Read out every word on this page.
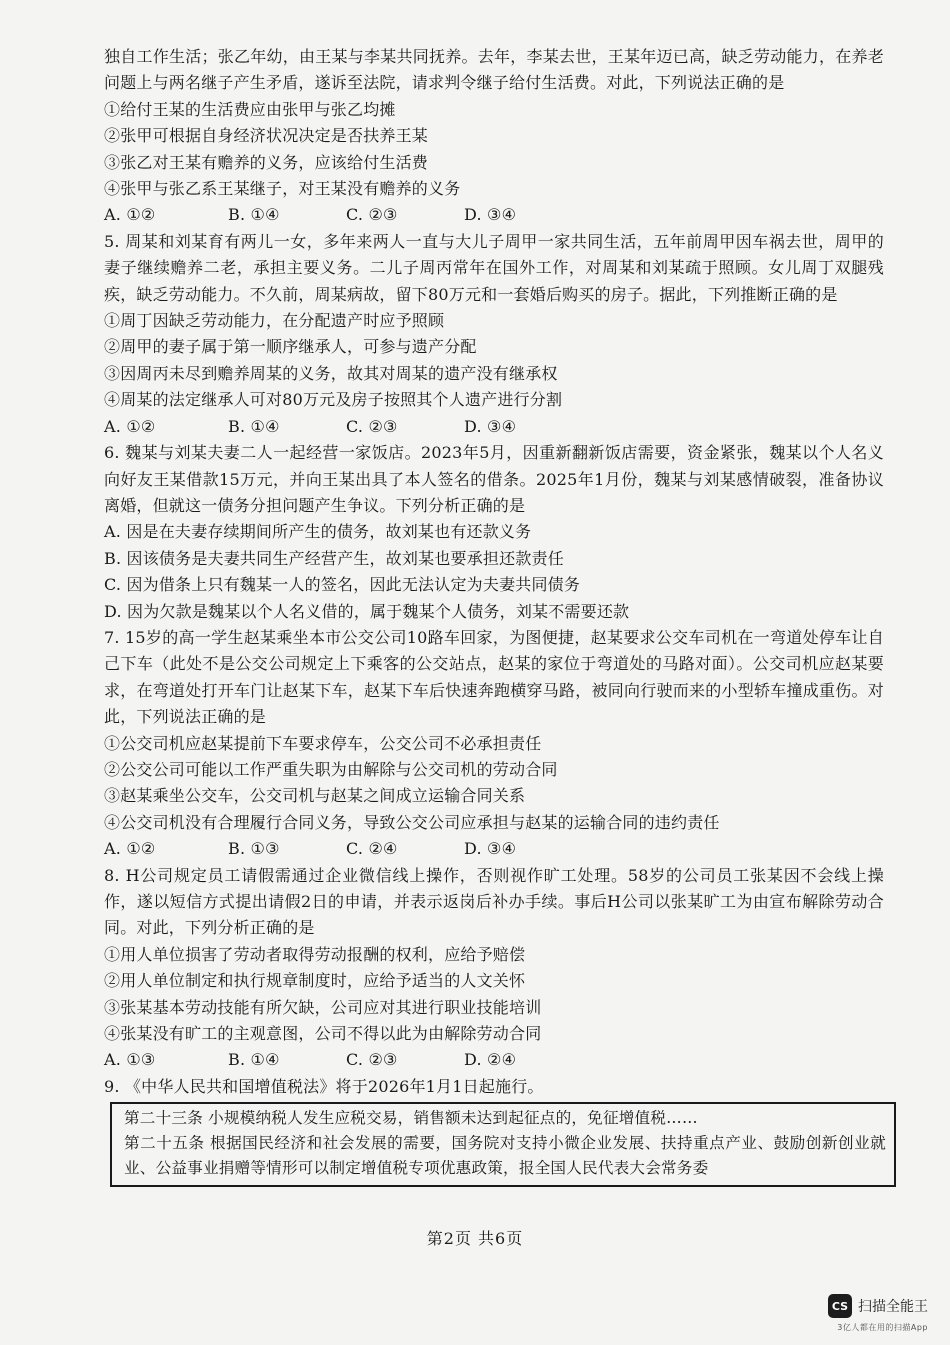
独自工作生活；张乙年幼，由王某与李某共同抚养。去年，李某去世，王某年迈已高，缺乏劳动能力，在养老问题上与两名继子产生矛盾，遂诉至法院，请求判令继子给付生活费。对此，下列说法正确的是

①给付王某的生活费应由张甲与张乙均摊

②张甲可根据自身经济状况决定是否扶养王某

③张乙对王某有赡养的义务，应该给付生活费

④张甲与张乙系王某继子，对王某没有赡养的义务

A. ①②	B. ①④	C. ②③	D. ③④

5. 周某和刘某育有两儿一女，多年来两人一直与大儿子周甲一家共同生活，五年前周甲因车祸去世，周甲的妻子继续赡养二老，承担主要义务。二儿子周丙常年在国外工作，对周某和刘某疏于照顾。女儿周丁双腿残疾，缺乏劳动能力。不久前，周某病故，留下80万元和一套婚后购买的房子。据此，下列推断正确的是

①周丁因缺乏劳动能力，在分配遗产时应予照顾

②周甲的妻子属于第一顺序继承人，可参与遗产分配

③因周丙未尽到赡养周某的义务，故其对周某的遗产没有继承权

④周某的法定继承人可对80万元及房子按照其个人遗产进行分割

A. ①②	B. ①④	C. ②③	D. ③④

6. 魏某与刘某夫妻二人一起经营一家饭店。2023年5月，因重新翻新饭店需要，资金紧张，魏某以个人名义向好友王某借款15万元，并向王某出具了本人签名的借条。2025年1月份，魏某与刘某感情破裂，准备协议离婚，但就这一债务分担问题产生争议。下列分析正确的是

A. 因是在夫妻存续期间所产生的债务，故刘某也有还款义务

B. 因该债务是夫妻共同生产经营产生，故刘某也要承担还款责任

C. 因为借条上只有魏某一人的签名，因此无法认定为夫妻共同债务

D. 因为欠款是魏某以个人名义借的，属于魏某个人债务，刘某不需要还款

7. 15岁的高一学生赵某乘坐本市公交公司10路车回家，为图便捷，赵某要求公交车司机在一弯道处停车让自己下车（此处不是公交公司规定上下乘客的公交站点，赵某的家位于弯道处的马路对面）。公交司机应赵某要求，在弯道处打开车门让赵某下车，赵某下车后快速奔跑横穿马路，被同向行驶而来的小型轿车撞成重伤。对此，下列说法正确的是

①公交司机应赵某提前下车要求停车，公交公司不必承担责任

②公交公司可能以工作严重失职为由解除与公交司机的劳动合同

③赵某乘坐公交车，公交司机与赵某之间成立运输合同关系

④公交司机没有合理履行合同义务，导致公交公司应承担与赵某的运输合同的违约责任

A. ①②	B. ①③	C. ②④	D. ③④

8. H公司规定员工请假需通过企业微信线上操作，否则视作旷工处理。58岁的公司员工张某因不会线上操作，遂以短信方式提出请假2日的申请，并表示返岗后补办手续。事后H公司以张某旷工为由宣布解除劳动合同。对此，下列分析正确的是

①用人单位损害了劳动者取得劳动报酬的权利，应给予赔偿

②用人单位制定和执行规章制度时，应给予适当的人文关怀

③张某基本劳动技能有所欠缺，公司应对其进行职业技能培训

④张某没有旷工的主观意图，公司不得以此为由解除劳动合同

A. ①③	B. ①④	C. ②③	D. ②④

9. 《中华人民共和国增值税法》将于2026年1月1日起施行。

第二十三条 小规模纳税人发生应税交易，销售额未达到起征点的，免征增值税……

第二十五条 根据国民经济和社会发展的需要，国务院对支持小微企业发展、扶持重点产业、鼓励创新创业就业、公益事业捐赠等情形可以制定增值税专项优惠政策，报全国人民代表大会常务委

第2页 共6页
CS 扫描全能王
3亿人都在用的扫描App
